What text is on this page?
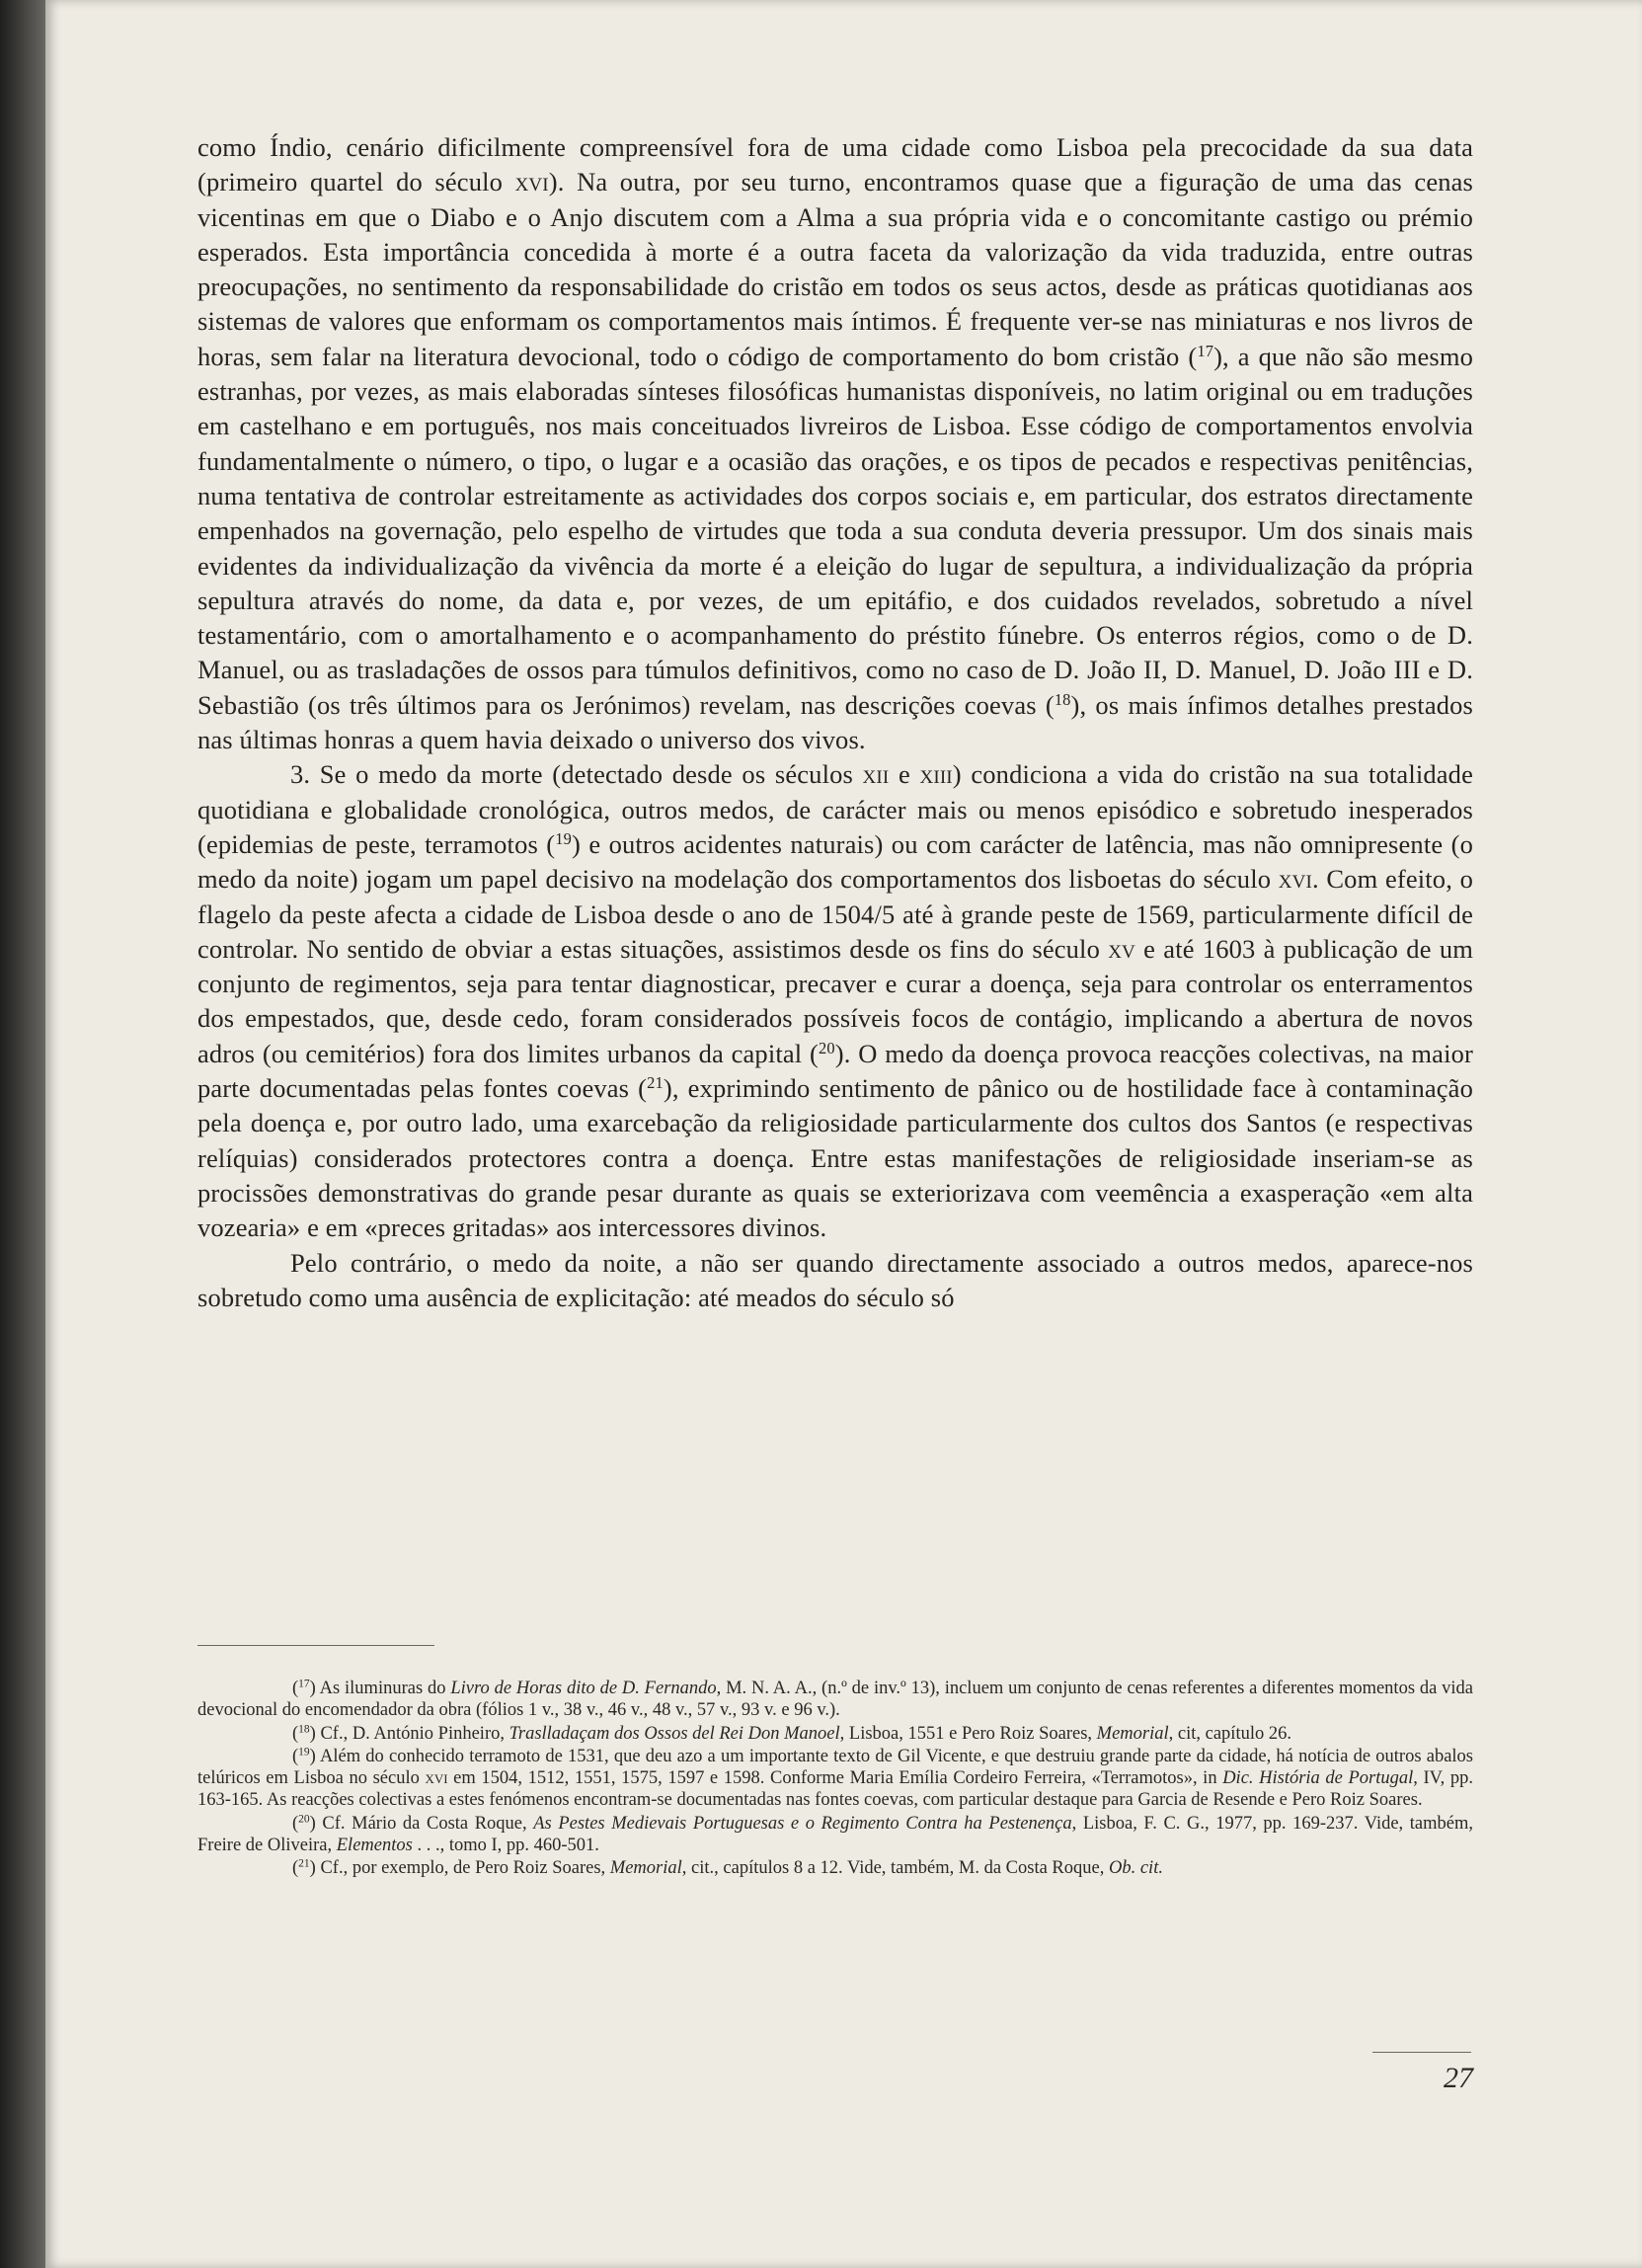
como Índio, cenário dificilmente compreensível fora de uma cidade como Lisboa pela precocidade da sua data (primeiro quartel do século xvi). Na outra, por seu turno, encontramos quase que a figuração de uma das cenas vicentinas em que o Diabo e o Anjo discutem com a Alma a sua própria vida e o concomitante castigo ou prémio esperados. Esta importância concedida à morte é a outra faceta da valorização da vida traduzida, entre outras preocupações, no sentimento da responsabilidade do cristão em todos os seus actos, desde as práticas quotidianas aos sistemas de valores que enformam os comportamentos mais íntimos. É frequente ver-se nas miniaturas e nos livros de horas, sem falar na literatura devocional, todo o código de comportamento do bom cristão ($^{17}$), a que não são mesmo estranhas, por vezes, as mais elaboradas sínteses filosóficas humanistas disponíveis, no latim original ou em traduções em castelhano e em português, nos mais conceituados livreiros de Lisboa. Esse código de comportamentos envolvia fundamentalmente o número, o tipo, o lugar e a ocasião das orações, e os tipos de pecados e respectivas penitências, numa tentativa de controlar estreitamente as actividades dos corpos sociais e, em particular, dos estratos directamente empenhados na governação, pelo espelho de virtudes que toda a sua conduta deveria pressupor. Um dos sinais mais evidentes da individualização da vivência da morte é a eleição do lugar de sepultura, a individualização da própria sepultura através do nome, da data e, por vezes, de um epitáfio, e dos cuidados revelados, sobretudo a nível testamentário, com o amortalhamento e o acompanhamento do préstito fúnebre. Os enterros régios, como o de D. Manuel, ou as trasladações de ossos para túmulos definitivos, como no caso de D. João II, D. Manuel, D. João III e D. Sebastião (os três últimos para os Jerónimos) revelam, nas descrições coevas ($^{18}$), os mais ínfimos detalhes prestados nas últimas honras a quem havia deixado o universo dos vivos.

3. Se o medo da morte (detectado desde os séculos xii e xiii) condiciona a vida do cristão na sua totalidade quotidiana e globalidade cronológica, outros medos, de carácter mais ou menos episódico e sobretudo inesperados (epidemias de peste, terramotos ($^{19}$) e outros acidentes naturais) ou com carácter de latência, mas não omnipresente (o medo da noite) jogam um papel decisivo na modelação dos comportamentos dos lisboetas do século xvi. Com efeito, o flagelo da peste afecta a cidade de Lisboa desde o ano de 1504/5 até à grande peste de 1569, particularmente difícil de controlar. No sentido de obviar a estas situações, assistimos desde os fins do século xv e até 1603 à publicação de um conjunto de regimentos, seja para tentar diagnosticar, precaver e curar a doença, seja para controlar os enterramentos dos empestados, que, desde cedo, foram considerados possíveis focos de contágio, implicando a abertura de novos adros (ou cemitérios) fora dos limites urbanos da capital ($^{20}$). O medo da doença provoca reacções colectivas, na maior parte documentadas pelas fontes coevas ($^{21}$), exprimindo sentimento de pânico ou de hostilidade face à contaminação pela doença e, por outro lado, uma exarcebação da religiosidade particularmente dos cultos dos Santos (e respectivas relíquias) considerados protectores contra a doença. Entre estas manifestações de religiosidade inseriam-se as procissões demonstrativas do grande pesar durante as quais se exteriorizava com veemência a exasperação «em alta vozearia» e em «preces gritadas» aos intercessores divinos.

Pelo contrário, o medo da noite, a não ser quando directamente associado a outros medos, aparece-nos sobretudo como uma ausência de explicitação: até meados do século só

($^{17}$) As iluminuras do Livro de Horas dito de D. Fernando, M. N. A. A., (n.º de inv.º 13), incluem um conjunto de cenas referentes a diferentes momentos da vida devocional do encomendador da obra (fólios 1 v., 38 v., 46 v., 48 v., 57 v., 93 v. e 96 v.).

($^{18}$) Cf., D. António Pinheiro, Traslladaçam dos Ossos del Rei Don Manoel, Lisboa, 1551 e Pero Roiz Soares, Memorial, cit, capítulo 26.

($^{19}$) Além do conhecido terramoto de 1531, que deu azo a um importante texto de Gil Vicente, e que destruiu grande parte da cidade, há notícia de outros abalos telúricos em Lisboa no século xvi em 1504, 1512, 1551, 1575, 1597 e 1598. Conforme Maria Emília Cordeiro Ferreira, «Terramotos», in Dic. História de Portugal, IV, pp. 163-165. As reacções colectivas a estes fenómenos encontram-se documentadas nas fontes coevas, com particular destaque para Garcia de Resende e Pero Roiz Soares.

($^{20}$) Cf. Mário da Costa Roque, As Pestes Medievais Portuguesas e o Regimento Contra ha Pestenença, Lisboa, F. C. G., 1977, pp. 169-237. Vide, também, Freire de Oliveira, Elementos . . ., tomo I, pp. 460-501.

($^{21}$) Cf., por exemplo, de Pero Roiz Soares, Memorial, cit., capítulos 8 a 12. Vide, também, M. da Costa Roque, Ob. cit.

27
